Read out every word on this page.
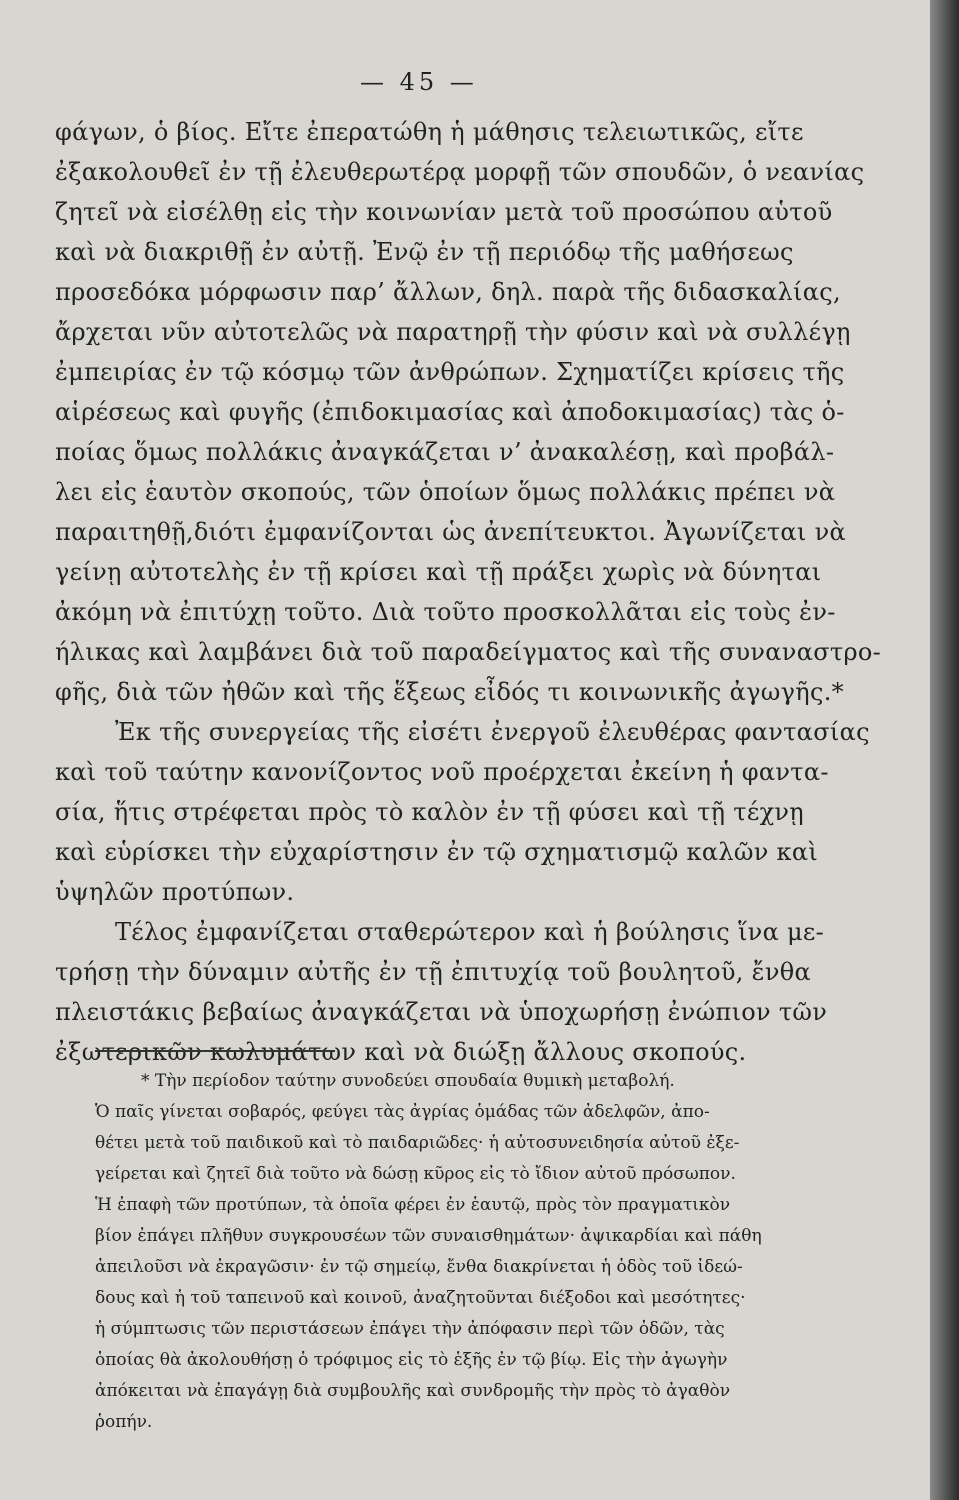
— 45 —
φάγων, ὁ βίος. Εἴτε ἐπερατώθη ἡ μάθησις τελειωτικῶς, εἴτε
ἐξακολουθεῖ ἐν τῇ ἐλευθερωτέρᾳ μορφῇ τῶν σπουδῶν, ὁ νεανίας
ζητεῖ νὰ εἰσέλθῃ εἰς τὴν κοινωνίαν μετὰ τοῦ προσώπου αὑτοῦ
καὶ νὰ διακριθῇ ἐν αὐτῇ. Ἐνῷ ἐν τῇ περιόδῳ τῆς μαθήσεως
προσεδόκα μόρφωσιν παρ’ ἄλλων, δηλ. παρὰ τῆς διδασκαλίας,
ἄρχεται νῦν αὐτοτελῶς νὰ παρατηρῇ τὴν φύσιν καὶ νὰ συλλέγῃ
ἐμπειρίας ἐν τῷ κόσμῳ τῶν ἀνθρώπων. Σχηματίζει κρίσεις τῆς
αἱρέσεως καὶ φυγῆς (ἐπιδοκιμασίας καὶ ἀποδοκιμασίας) τὰς ὁ-
ποίας ὅμως πολλάκις ἀναγκάζεται ν’ ἀνακαλέσῃ, καὶ προβάλ-
λει εἰς ἑαυτὸν σκοπούς, τῶν ὁποίων ὅμως πολλάκις πρέπει νὰ
παραιτηθῇ,διότι ἐμφανίζονται ὡς ἀνεπίτευκτοι. Ἀγωνίζεται νὰ
γείνῃ αὐτοτελὴς ἐν τῇ κρίσει καὶ τῇ πράξει χωρὶς νὰ δύνηται
ἀκόμη νὰ ἐπιτύχῃ τοῦτο. Διὰ τοῦτο προσκολλᾶται εἰς τοὺς ἐν-
ήλικας καὶ λαμβάνει διὰ τοῦ παραδείγματος καὶ τῆς συναναστρο-
φῆς, διὰ τῶν ἠθῶν καὶ τῆς ἕξεως εἶδός τι κοινωνικῆς ἀγωγῆς.*
Ἐκ τῆς συνεργείας τῆς εἰσέτι ἐνεργοῦ ἐλευθέρας φαντασίας
καὶ τοῦ ταύτην κανονίζοντος νοῦ προέρχεται ἐκείνη ἡ φαντα-
σία, ἥτις στρέφεται πρὸς τὸ καλὸν ἐν τῇ φύσει καὶ τῇ τέχνῃ
καὶ εὑρίσκει τὴν εὐχαρίστησιν ἐν τῷ σχηματισμῷ καλῶν καὶ
ὑψηλῶν προτύπων.
Τέλος ἐμφανίζεται σταθερώτερον καὶ ἡ βούλησις ἵνα με-
τρήσῃ τὴν δύναμιν αὐτῆς ἐν τῇ ἐπιτυχίᾳ τοῦ βουλητοῦ, ἔνθα
πλειστάκις βεβαίως ἀναγκάζεται νὰ ὑποχωρήσῃ ἐνώπιον τῶν
ἐξωτερικῶν κωλυμάτων καὶ νὰ διώξῃ ἄλλους σκοπούς.
* Τὴν περίοδον ταύτην συνοδεύει σπουδαία θυμικὴ μεταβολή.
Ὁ παῖς γίνεται σοβαρός, φεύγει τὰς ἀγρίας ὁμάδας τῶν ἀδελφῶν, ἀπο-
θέτει μετὰ τοῦ παιδικοῦ καὶ τὸ παιδαριῶδες· ἡ αὐτοσυνειδησία αὐτοῦ ἐξε-
γείρεται καὶ ζητεῖ διὰ τοῦτο νὰ δώσῃ κῦρος εἰς τὸ ἴδιον αὐτοῦ πρόσωπον.
Ἡ ἐπαφὴ τῶν προτύπων, τὰ ὁποῖα φέρει ἐν ἑαυτῷ, πρὸς τὸν πραγματικὸν
βίον ἐπάγει πλῆθυν συγκρουσέων τῶν συναισθημάτων· ἀψικαρδίαι καὶ πάθη
ἀπειλοῦσι νὰ ἐκραγῶσιν· ἐν τῷ σημείῳ, ἔνθα διακρίνεται ἡ ὁδὸς τοῦ ἰδεώ-
δους καὶ ἡ τοῦ ταπεινοῦ καὶ κοινοῦ, ἀναζητοῦνται διέξοδοι καὶ μεσότητες·
ἡ σύμπτωσις τῶν περιστάσεων ἐπάγει τὴν ἀπόφασιν περὶ τῶν ὁδῶν, τὰς
ὁποίας θὰ ἀκολουθήσῃ ὁ τρόφιμος εἰς τὸ ἑξῆς ἐν τῷ βίῳ. Εἰς τὴν ἀγωγὴν
ἀπόκειται νὰ ἐπαγάγῃ διὰ συμβουλῆς καὶ συνδρομῆς τὴν πρὸς τὸ ἀγαθὸν
ῥοπήν.
